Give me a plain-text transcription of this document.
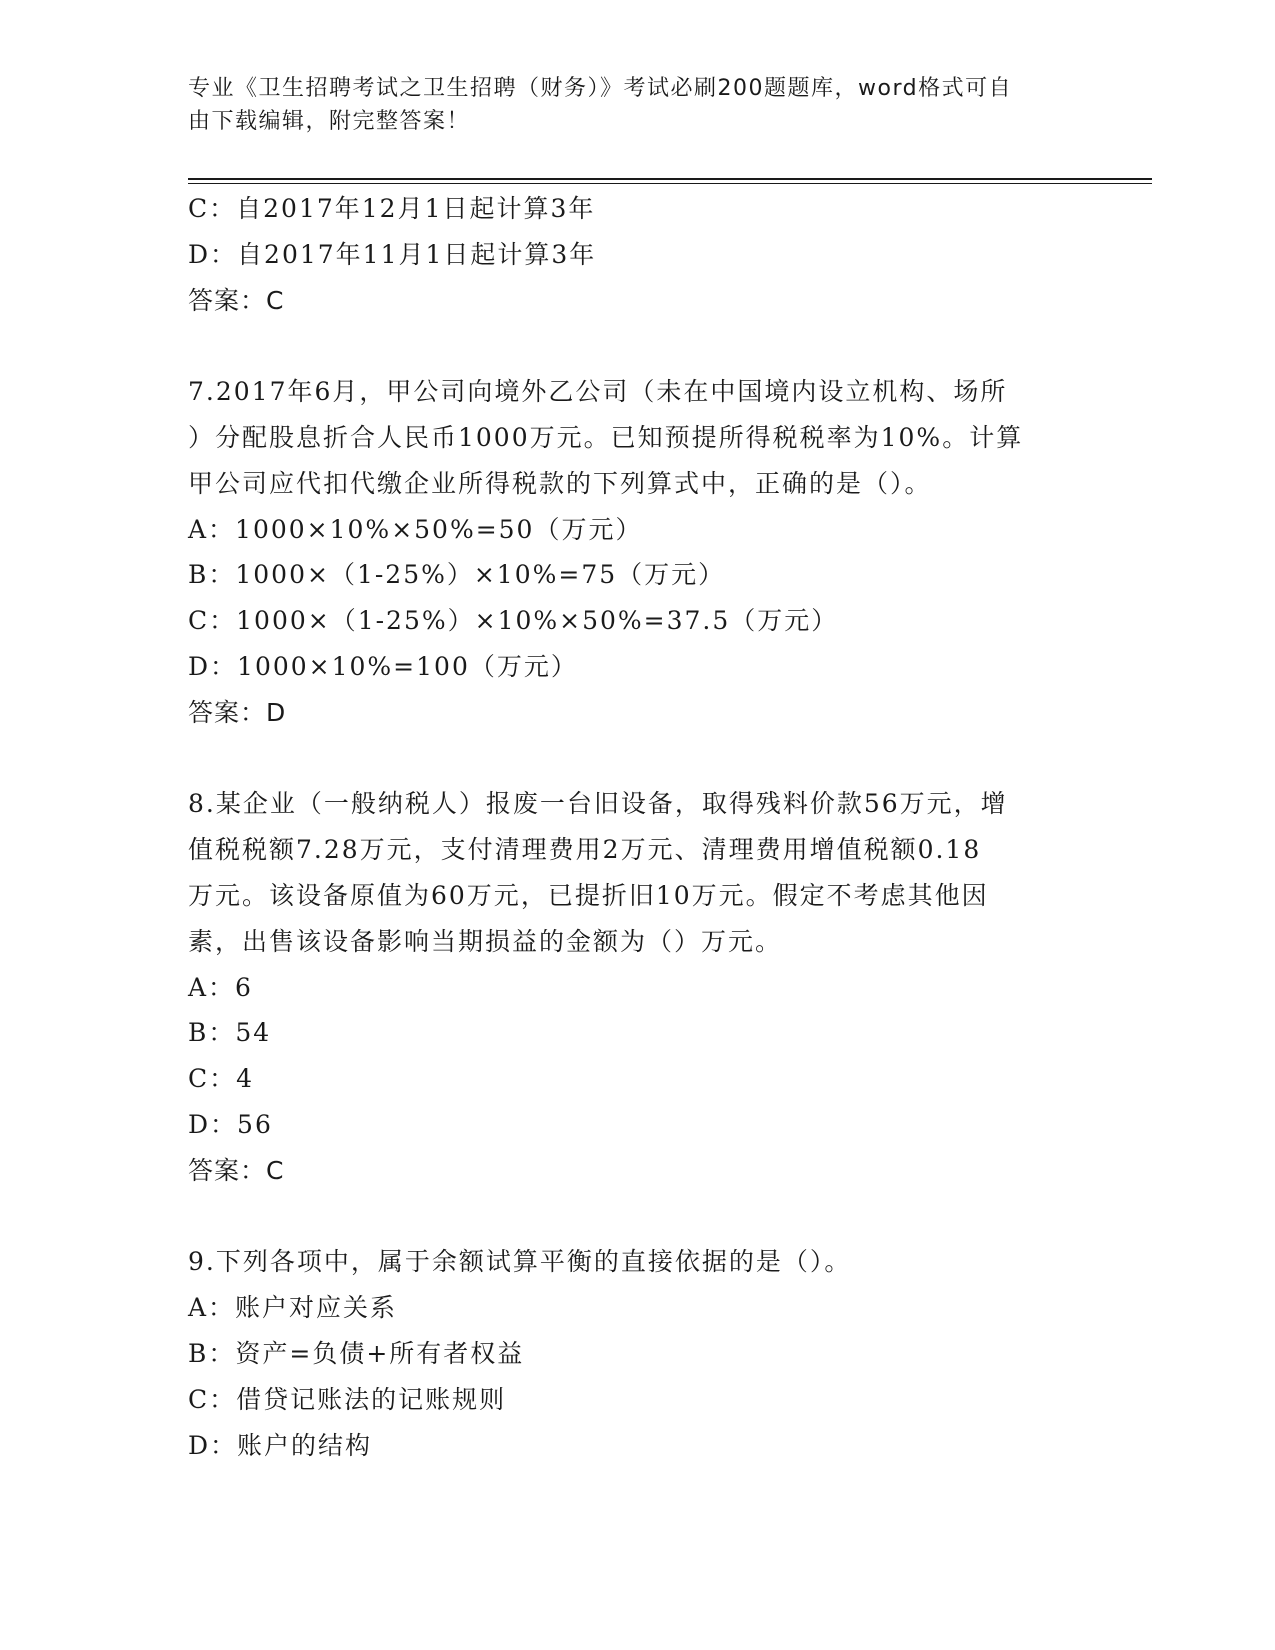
专业《卫生招聘考试之卫生招聘（财务）》考试必刷200题题库，word格式可自
由下载编辑，附完整答案！
C：自2017年12月1日起计算3年
D：自2017年11月1日起计算3年
答案：C
7.2017年6月，甲公司向境外乙公司（未在中国境内设立机构、场所
）分配股息折合人民币1000万元。已知预提所得税税率为10%。计算
甲公司应代扣代缴企业所得税款的下列算式中，正确的是（）。
A：1000×10%×50%=50（万元）
B：1000×（1-25%）×10%=75（万元）
C：1000×（1-25%）×10%×50%=37.5（万元）
D：1000×10%=100（万元）
答案：D
8.某企业（一般纳税人）报废一台旧设备，取得残料价款56万元，增
值税税额7.28万元，支付清理费用2万元、清理费用增值税额0.18
万元。该设备原值为60万元，已提折旧10万元。假定不考虑其他因
素，出售该设备影响当期损益的金额为（）万元。
A：6
B：54
C：4
D：56
答案：C
9.下列各项中，属于余额试算平衡的直接依据的是（）。
A：账户对应关系
B：资产=负债+所有者权益
C：借贷记账法的记账规则
D：账户的结构
